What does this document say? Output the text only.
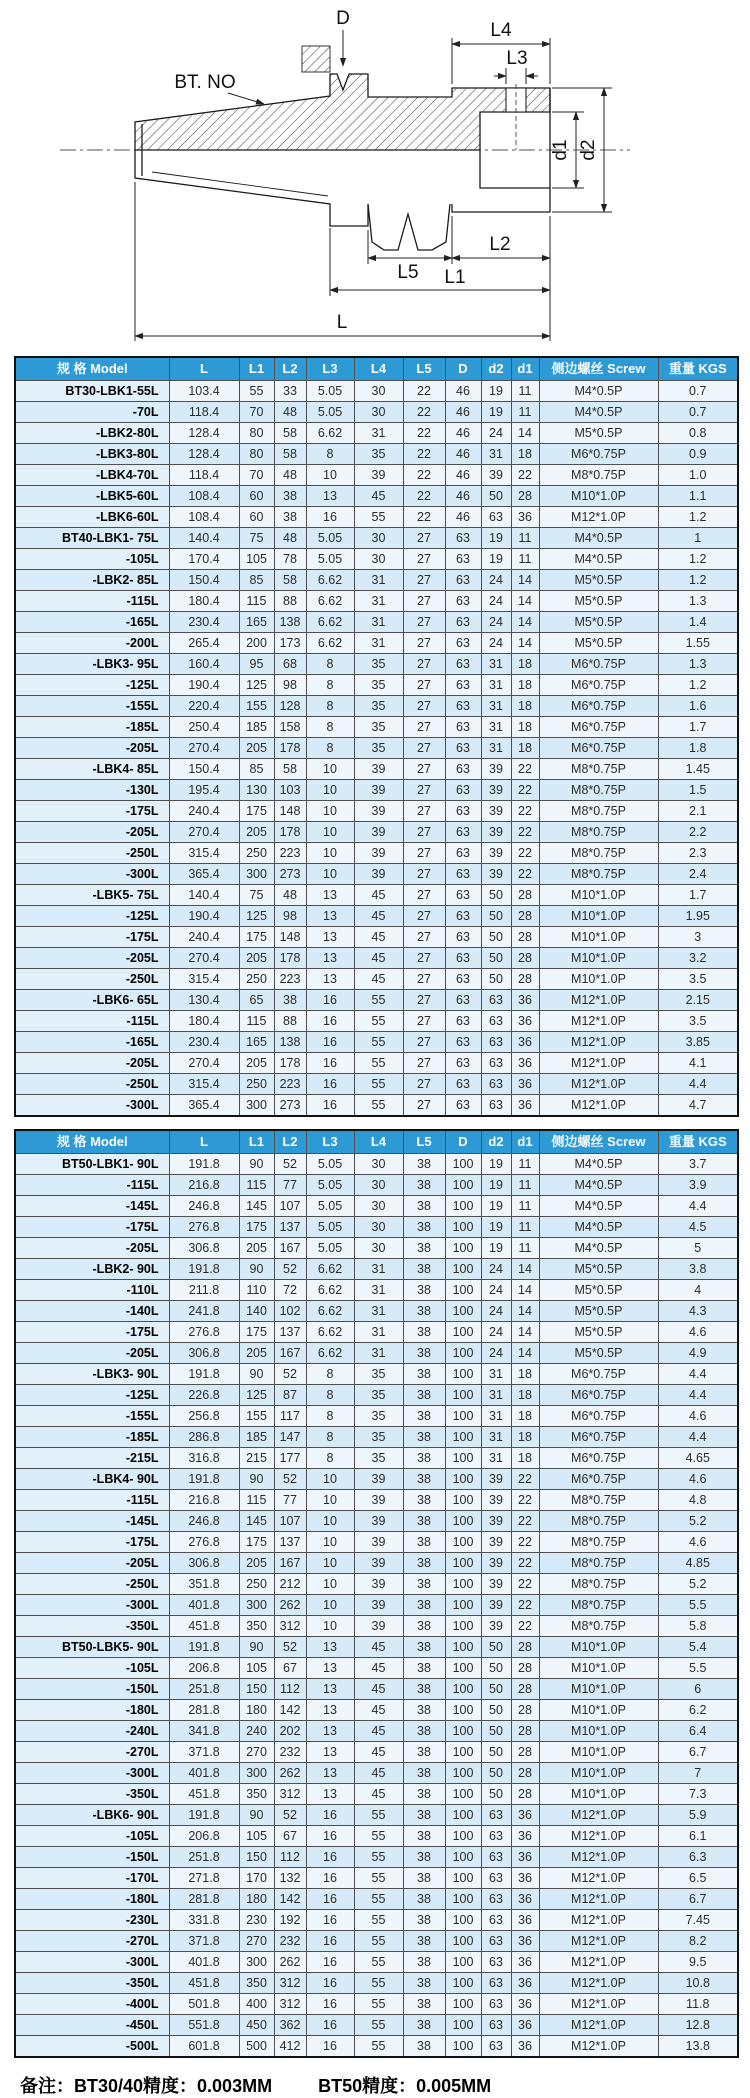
D
BT. NO
L4
L3
d1 d2
L5
L2
L1
L
规 格 Model	L	L1	L2	L3	L4	L5	D	d2	d1	侧边螺丝 Screw	重量 KGS
BT30-LBK1-55L	103.4	55	33	5.05	30	22	46	19	11	M4*0.5P	0.7
-70L	118.4	70	48	5.05	30	22	46	19	11	M4*0.5P	0.7
-LBK2-80L	128.4	80	58	6.62	31	22	46	24	14	M5*0.5P	0.8
-LBK3-80L	128.4	80	58	8	35	22	46	31	18	M6*0.75P	0.9
-LBK4-70L	118.4	70	48	10	39	22	46	39	22	M8*0.75P	1.0
-LBK5-60L	108.4	60	38	13	45	22	46	50	28	M10*1.0P	1.1
-LBK6-60L	108.4	60	38	16	55	22	46	63	36	M12*1.0P	1.2
BT40-LBK1- 75L	140.4	75	48	5.05	30	27	63	19	11	M4*0.5P	1
-105L	170.4	105	78	5.05	30	27	63	19	11	M4*0.5P	1.2
-LBK2- 85L	150.4	85	58	6.62	31	27	63	24	14	M5*0.5P	1.2
-115L	180.4	115	88	6.62	31	27	63	24	14	M5*0.5P	1.3
-165L	230.4	165	138	6.62	31	27	63	24	14	M5*0.5P	1.4
-200L	265.4	200	173	6.62	31	27	63	24	14	M5*0.5P	1.55
-LBK3- 95L	160.4	95	68	8	35	27	63	31	18	M6*0.75P	1.3
-125L	190.4	125	98	8	35	27	63	31	18	M6*0.75P	1.2
-155L	220.4	155	128	8	35	27	63	31	18	M6*0.75P	1.6
-185L	250.4	185	158	8	35	27	63	31	18	M6*0.75P	1.7
-205L	270.4	205	178	8	35	27	63	31	18	M6*0.75P	1.8
-LBK4- 85L	150.4	85	58	10	39	27	63	39	22	M8*0.75P	1.45
-130L	195.4	130	103	10	39	27	63	39	22	M8*0.75P	1.5
-175L	240.4	175	148	10	39	27	63	39	22	M8*0.75P	2.1
-205L	270.4	205	178	10	39	27	63	39	22	M8*0.75P	2.2
-250L	315.4	250	223	10	39	27	63	39	22	M8*0.75P	2.3
-300L	365.4	300	273	10	39	27	63	39	22	M8*0.75P	2.4
-LBK5- 75L	140.4	75	48	13	45	27	63	50	28	M10*1.0P	1.7
-125L	190.4	125	98	13	45	27	63	50	28	M10*1.0P	1.95
-175L	240.4	175	148	13	45	27	63	50	28	M10*1.0P	3
-205L	270.4	205	178	13	45	27	63	50	28	M10*1.0P	3.2
-250L	315.4	250	223	13	45	27	63	50	28	M10*1.0P	3.5
-LBK6- 65L	130.4	65	38	16	55	27	63	63	36	M12*1.0P	2.15
-115L	180.4	115	88	16	55	27	63	63	36	M12*1.0P	3.5
-165L	230.4	165	138	16	55	27	63	63	36	M12*1.0P	3.85
-205L	270.4	205	178	16	55	27	63	63	36	M12*1.0P	4.1
-250L	315.4	250	223	16	55	27	63	63	36	M12*1.0P	4.4
-300L	365.4	300	273	16	55	27	63	63	36	M12*1.0P	4.7
规 格 Model	L	L1	L2	L3	L4	L5	D	d2	d1	侧边螺丝 Screw	重量 KGS
BT50-LBK1- 90L	191.8	90	52	5.05	30	38	100	19	11	M4*0.5P	3.7
-115L	216.8	115	77	5.05	30	38	100	19	11	M4*0.5P	3.9
-145L	246.8	145	107	5.05	30	38	100	19	11	M4*0.5P	4.4
-175L	276.8	175	137	5.05	30	38	100	19	11	M4*0.5P	4.5
-205L	306.8	205	167	5.05	30	38	100	19	11	M4*0.5P	5
-LBK2- 90L	191.8	90	52	6.62	31	38	100	24	14	M5*0.5P	3.8
-110L	211.8	110	72	6.62	31	38	100	24	14	M5*0.5P	4
-140L	241.8	140	102	6.62	31	38	100	24	14	M5*0.5P	4.3
-175L	276.8	175	137	6.62	31	38	100	24	14	M5*0.5P	4.6
-205L	306.8	205	167	6.62	31	38	100	24	14	M5*0.5P	4.9
-LBK3- 90L	191.8	90	52	8	35	38	100	31	18	M6*0.75P	4.4
-125L	226.8	125	87	8	35	38	100	31	18	M6*0.75P	4.4
-155L	256.8	155	117	8	35	38	100	31	18	M6*0.75P	4.6
-185L	286.8	185	147	8	35	38	100	31	18	M6*0.75P	4.4
-215L	316.8	215	177	8	35	38	100	31	18	M6*0.75P	4.65
-LBK4- 90L	191.8	90	52	10	39	38	100	39	22	M6*0.75P	4.6
-115L	216.8	115	77	10	39	38	100	39	22	M8*0.75P	4.8
-145L	246.8	145	107	10	39	38	100	39	22	M8*0.75P	5.2
-175L	276.8	175	137	10	39	38	100	39	22	M8*0.75P	4.6
-205L	306.8	205	167	10	39	38	100	39	22	M8*0.75P	4.85
-250L	351.8	250	212	10	39	38	100	39	22	M8*0.75P	5.2
-300L	401.8	300	262	10	39	38	100	39	22	M8*0.75P	5.5
-350L	451.8	350	312	10	39	38	100	39	22	M8*0.75P	5.8
BT50-LBK5- 90L	191.8	90	52	13	45	38	100	50	28	M10*1.0P	5.4
-105L	206.8	105	67	13	45	38	100	50	28	M10*1.0P	5.5
-150L	251.8	150	112	13	45	38	100	50	28	M10*1.0P	6
-180L	281.8	180	142	13	45	38	100	50	28	M10*1.0P	6.2
-240L	341.8	240	202	13	45	38	100	50	28	M10*1.0P	6.4
-270L	371.8	270	232	13	45	38	100	50	28	M10*1.0P	6.7
-300L	401.8	300	262	13	45	38	100	50	28	M10*1.0P	7
-350L	451.8	350	312	13	45	38	100	50	28	M10*1.0P	7.3
-LBK6- 90L	191.8	90	52	16	55	38	100	63	36	M12*1.0P	5.9
-105L	206.8	105	67	16	55	38	100	63	36	M12*1.0P	6.1
-150L	251.8	150	112	16	55	38	100	63	36	M12*1.0P	6.3
-170L	271.8	170	132	16	55	38	100	63	36	M12*1.0P	6.5
-180L	281.8	180	142	16	55	38	100	63	36	M12*1.0P	6.7
-230L	331.8	230	192	16	55	38	100	63	36	M12*1.0P	7.45
-270L	371.8	270	232	16	55	38	100	63	36	M12*1.0P	8.2
-300L	401.8	300	262	16	55	38	100	63	36	M12*1.0P	9.5
-350L	451.8	350	312	16	55	38	100	63	36	M12*1.0P	10.8
-400L	501.8	400	312	16	55	38	100	63	36	M12*1.0P	11.8
-450L	551.8	450	362	16	55	38	100	63	36	M12*1.0P	12.8
-500L	601.8	500	412	16	55	38	100	63	36	M12*1.0P	13.8
备注：BT30/40精度：0.003MM	BT50精度：0.005MM
